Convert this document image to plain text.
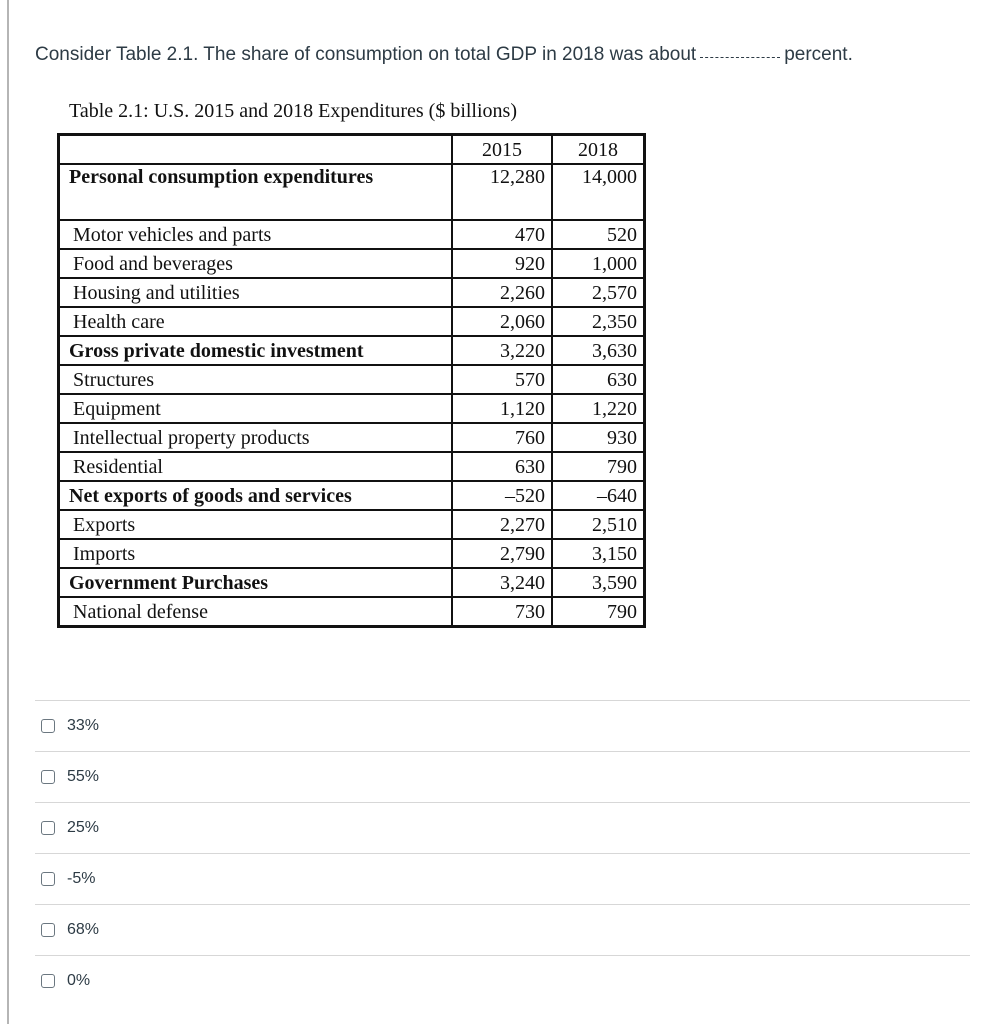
Consider Table 2.1. The share of consumption on total GDP in 2018 was about	percent.
Table 2.1: U.S. 2015 and 2018 Expenditures ($ billions)
	2015	2018
Personal consumption expenditures	12,280	14,000
Motor vehicles and parts	470	520
Food and beverages	920	1,000
Housing and utilities	2,260	2,570
Health care	2,060	2,350
Gross private domestic investment	3,220	3,630
Structures	570	630
Equipment	1,120	1,220
Intellectual property products	760	930
Residential	630	790
Net exports of goods and services	–520	–640
Exports	2,270	2,510
Imports	2,790	3,150
Government Purchases	3,240	3,590
National defense	730	790
33%
55%
25%
-5%
68%
0%
